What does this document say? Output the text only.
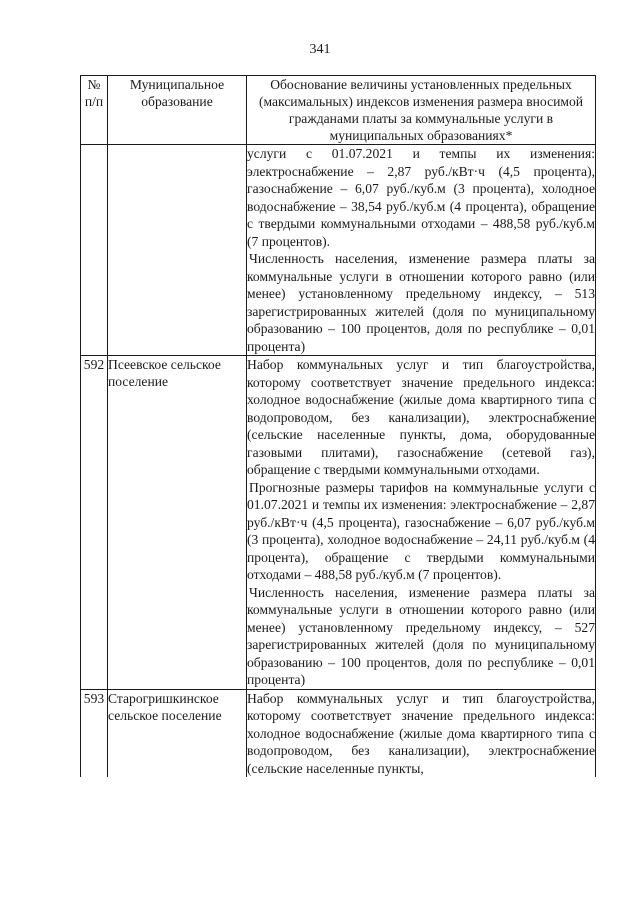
341
№ п/п	Муниципальное образование	Обоснование величины установленных предельных (максимальных) индексов изменения размера вносимой гражданами платы за коммунальные услуги в муниципальных образованиях*

		услуги с 01.07.2021 и темпы их изменения: электроснабжение – 2,87 руб./кВт·ч (4,5 процента), газоснабжение – 6,07 руб./куб.м (3 процента), холодное водоснабжение – 38,54 руб./куб.м (4 процента), обращение с твердыми коммунальными отходами – 488,58 руб./куб.м (7 процентов).

Численность населения, изменение размера платы за коммунальные услуги в отношении которого равно (или менее) установленному предельному индексу, – 513 зарегистрированных жителей (доля по муниципальному образованию – 100 процентов, доля по республике – 0,01 процента)

592	Псеевское сельское поселение	Набор коммунальных услуг и тип благоустройства, которому соответствует значение предельного индекса: холодное водоснабжение (жилые дома квартирного типа с водопроводом, без канализации), электроснабжение (сельские населенные пункты, дома, оборудованные газовыми плитами), газоснабжение (сетевой газ), обращение с твердыми коммунальными отходами.

Прогнозные размеры тарифов на коммунальные услуги с 01.07.2021 и темпы их изменения: электроснабжение – 2,87 руб./кВт·ч (4,5 процента), газоснабжение – 6,07 руб./куб.м (3 процента), холодное водоснабжение – 24,11 руб./куб.м (4 процента), обращение с твердыми коммунальными отходами – 488,58 руб./куб.м (7 процентов).

Численность населения, изменение размера платы за коммунальные услуги в отношении которого равно (или менее) установленному предельному индексу, – 527 зарегистрированных жителей (доля по муниципальному образованию – 100 процентов, доля по республике – 0,01 процента)

593	Старогришкинское сельское поселение	Набор коммунальных услуг и тип благоустройства, которому соответствует значение предельного индекса: холодное водоснабжение (жилые дома квартирного типа с водопроводом, без канализации), электроснабжение (сельские населенные пункты,
